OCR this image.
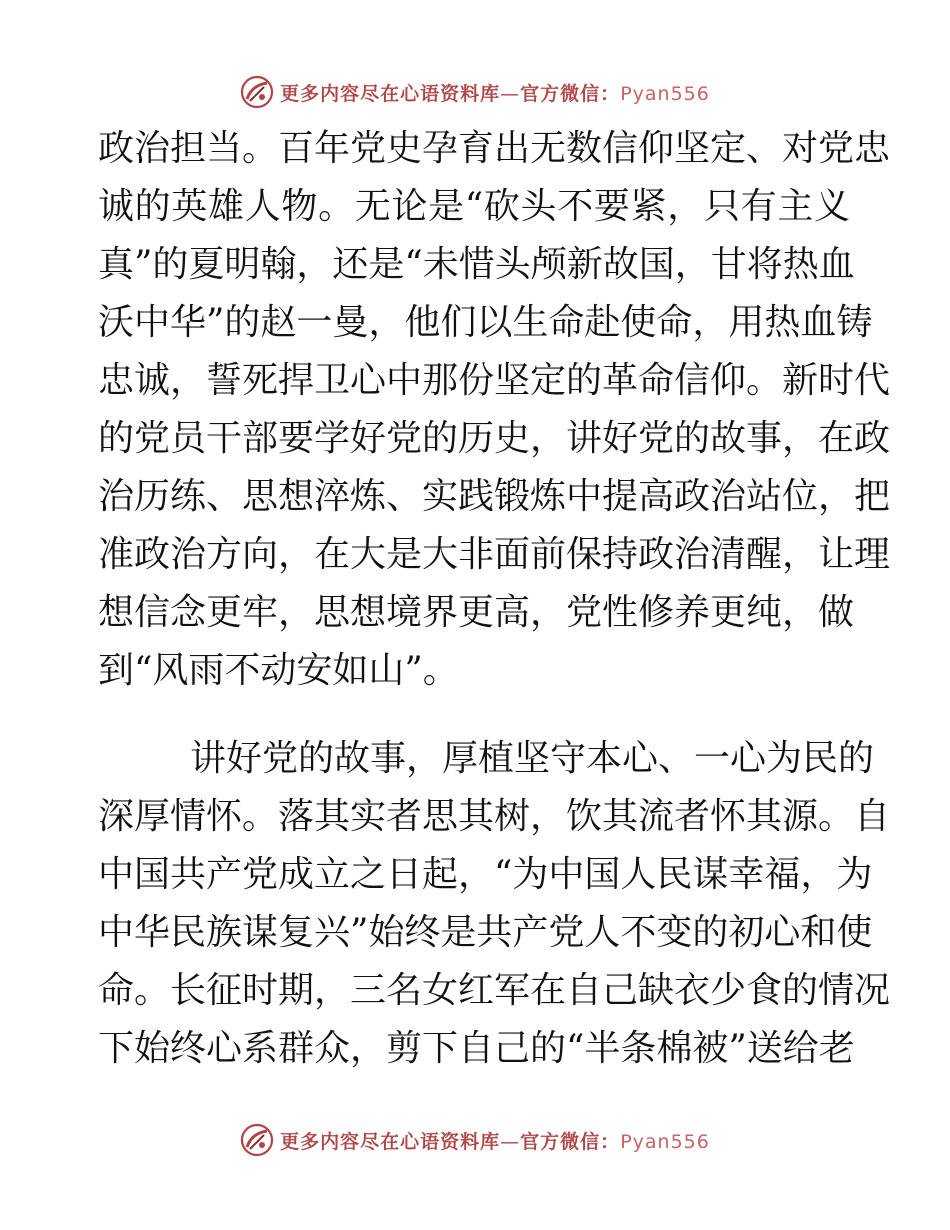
更多内容尽在心语资料库—官方微信：Pyan556
政治担当。百年党史孕育出无数信仰坚定、对党忠
诚的英雄人物。无论是“砍头不要紧，只有主义
真”的夏明翰，还是“未惜头颅新故国，甘将热血
沃中华”的赵一曼，他们以生命赴使命，用热血铸
忠诚，誓死捍卫心中那份坚定的革命信仰。新时代
的党员干部要学好党的历史，讲好党的故事，在政
治历练、思想淬炼、实践锻炼中提高政治站位，把
准政治方向，在大是大非面前保持政治清醒，让理
想信念更牢，思想境界更高，党性修养更纯，做
到“风雨不动安如山”。
讲好党的故事，厚植坚守本心、一心为民的
深厚情怀。落其实者思其树，饮其流者怀其源。自
中国共产党成立之日起，“为中国人民谋幸福，为
中华民族谋复兴”始终是共产党人不变的初心和使
命。长征时期，三名女红军在自己缺衣少食的情况
下始终心系群众，剪下自己的“半条棉被”送给老
更多内容尽在心语资料库—官方微信：Pyan556
